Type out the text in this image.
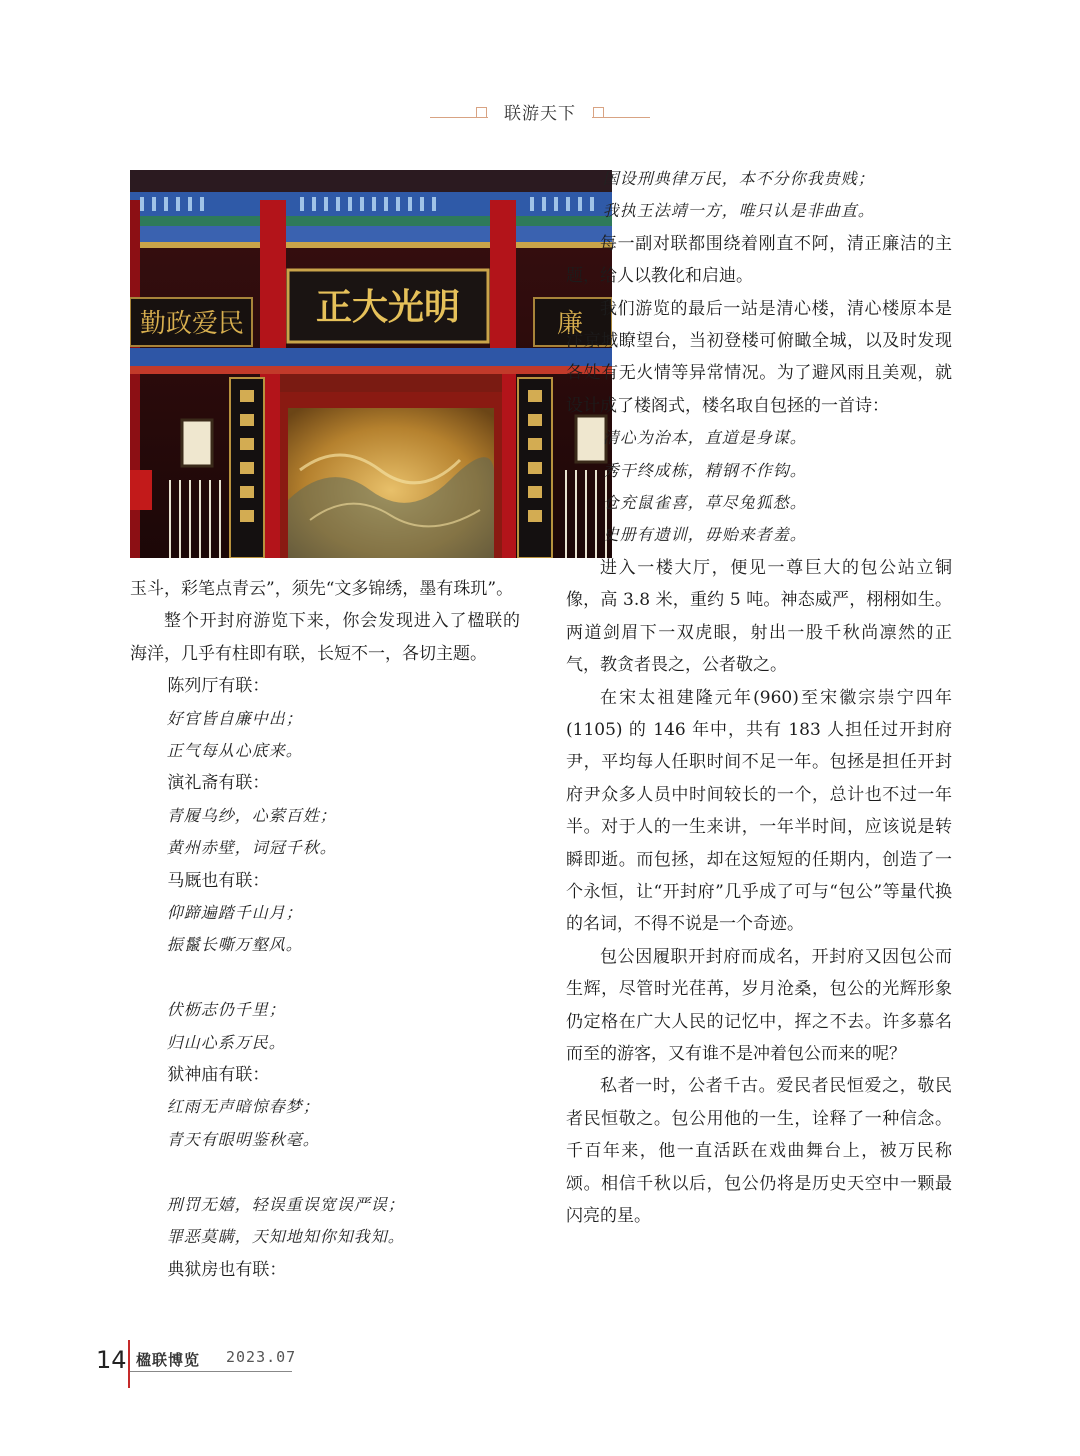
联游天下
正大光明
勤政爱民	廉

玉斗，彩笔点青云”，须先“文多锦绣，墨有珠玑”。

整个开封府游览下来，你会发现进入了楹联的海洋，几乎有柱即有联，长短不一，各切主题。

陈列厅有联：

好官皆自廉中出；

正气每从心底来。

演礼斋有联：

青履乌纱，心萦百姓；

黄州赤壁，词冠千秋。

马厩也有联：

仰蹄遍踏千山月；

振鬣长嘶万壑风。

伏枥志仍千里；

归山心系万民。

狱神庙有联：

红雨无声暗惊春梦；

青天有眼明鉴秋毫。

刑罚无嬉，轻误重误宽误严误；

罪恶莫瞒，天知地知你知我知。

典狱房也有联：

国设刑典律万民，本不分你我贵贱；

我执王法靖一方，唯只认是非曲直。

每一副对联都围绕着刚直不阿，清正廉洁的主题，给人以教化和启迪。

我们游览的最后一站是清心楼，清心楼原本是汴京城瞭望台，当初登楼可俯瞰全城，以及时发现各处有无火情等异常情况。为了避风雨且美观，就设计成了楼阁式，楼名取自包拯的一首诗：

清心为治本，直道是身谋。

秀干终成栋，精钢不作钩。

仓充鼠雀喜，草尽兔狐愁。

史册有遗训，毋贻来者羞。

进入一楼大厅，便见一尊巨大的包公站立铜像，高 3.8 米，重约 5 吨。神态威严，栩栩如生。两道剑眉下一双虎眼，射出一股千秋尚凛然的正气，教贪者畏之，公者敬之。

在宋太祖建隆元年(960)至宋徽宗崇宁四年(1105) 的 146 年中，共有 183 人担任过开封府尹，平均每人任职时间不足一年。包拯是担任开封府尹众多人员中时间较长的一个，总计也不过一年半。对于人的一生来讲，一年半时间，应该说是转瞬即逝。而包拯，却在这短短的任期内，创造了一个永恒，让“开封府”几乎成了可与“包公”等量代换的名词，不得不说是一个奇迹。

包公因履职开封府而成名，开封府又因包公而生辉，尽管时光荏苒，岁月沧桑，包公的光辉形象仍定格在广大人民的记忆中，挥之不去。许多慕名而至的游客，又有谁不是冲着包公而来的呢？

私者一时，公者千古。爱民者民恒爱之，敬民者民恒敬之。包公用他的一生，诠释了一种信念。千百年来，他一直活跃在戏曲舞台上，被万民称颂。相信千秋以后，包公仍将是历史天空中一颗最闪亮的星。

14 楹联博览 2023.07
